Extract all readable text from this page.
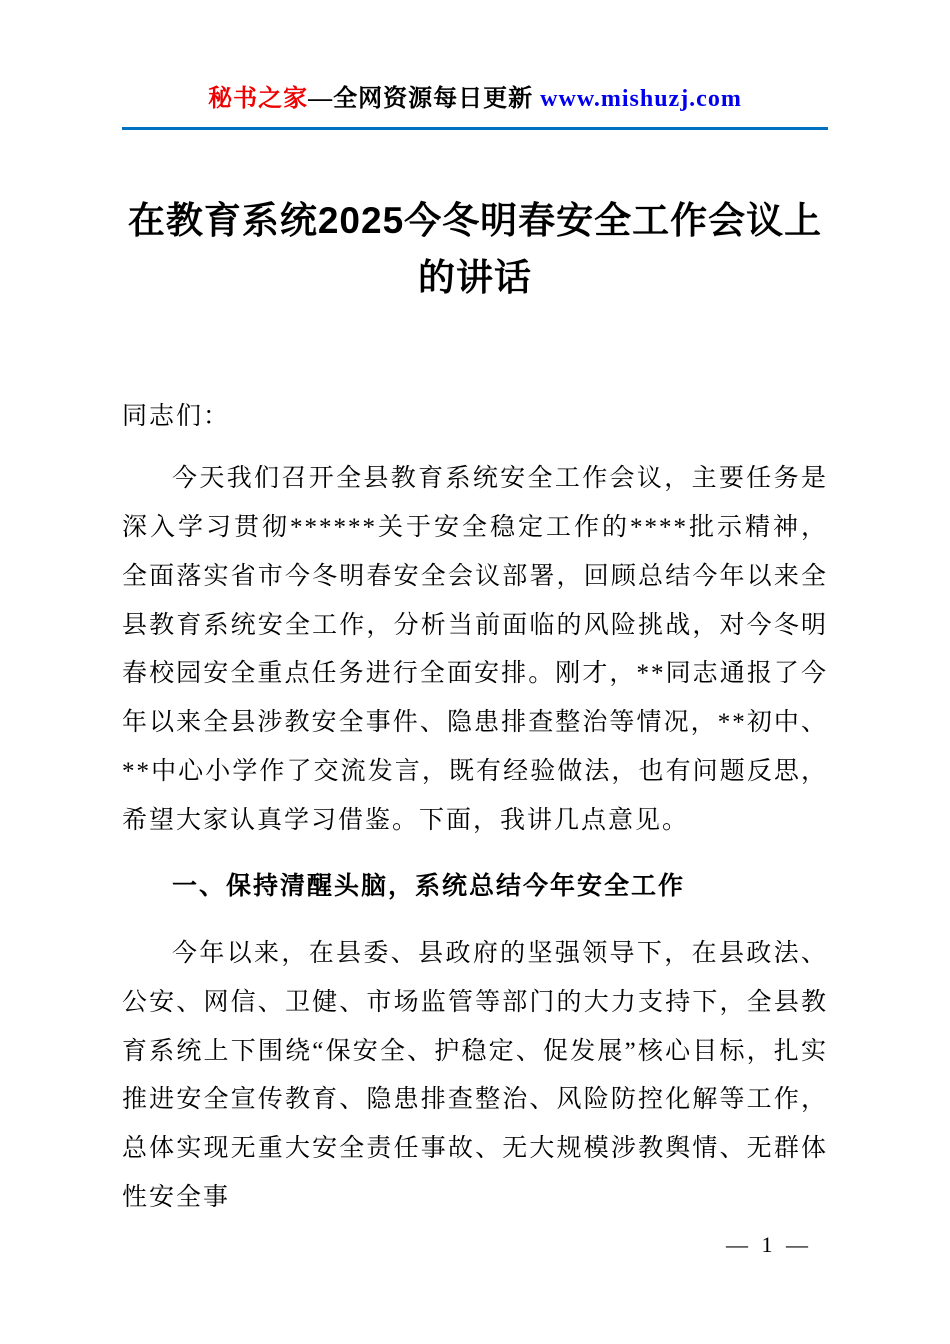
秘书之家—全网资源每日更新 www.mishuzj.com
在教育系统2025今冬明春安全工作会议上的讲话

同志们：

今天我们召开全县教育系统安全工作会议，主要任务是深入学习贯彻******关于安全稳定工作的****批示精神，全面落实省市今冬明春安全会议部署，回顾总结今年以来全县教育系统安全工作，分析当前面临的风险挑战，对今冬明春校园安全重点任务进行全面安排。刚才，**同志通报了今年以来全县涉教安全事件、隐患排查整治等情况，**初中、**中心小学作了交流发言，既有经验做法，也有问题反思，希望大家认真学习借鉴。下面，我讲几点意见。

一、保持清醒头脑，系统总结今年安全工作

今年以来，在县委、县政府的坚强领导下，在县政法、公安、网信、卫健、市场监管等部门的大力支持下，全县教育系统上下围绕“保安全、护稳定、促发展”核心目标，扎实推进安全宣传教育、隐患排查整治、风险防控化解等工作，总体实现无重大安全责任事故、无大规模涉教舆情、无群体性安全事

— 1 —
